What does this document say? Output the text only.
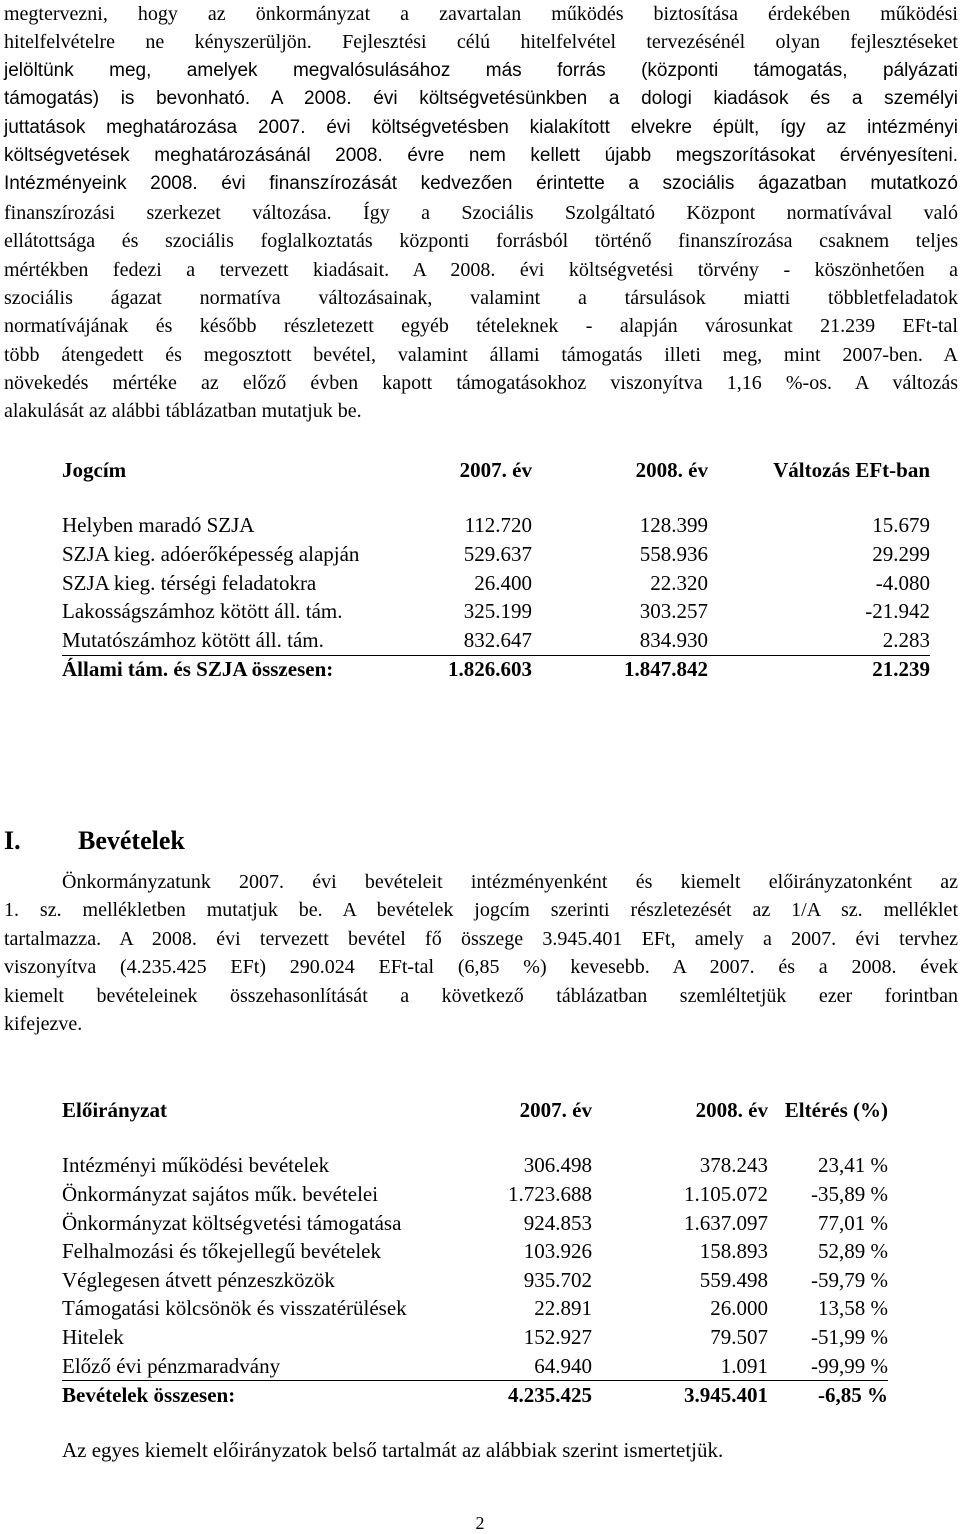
megtervezni, hogy az önkormányzat a zavartalan működés biztosítása érdekében működési
hitelfelvételre ne kényszerüljön. Fejlesztési célú hitelfelvétel tervezésénél olyan fejlesztéseket
jelöltünk meg, amelyek megvalósulásához más forrás (központi támogatás, pályázati
támogatás) is bevonható. A 2008. évi költségvetésünkben a dologi kiadások és a személyi
juttatások meghatározása 2007. évi költségvetésben kialakított elvekre épült, így az intézményi
költségvetések meghatározásánál 2008. évre nem kellett újabb megszorításokat érvényesíteni.
Intézményeink 2008. évi finanszírozását kedvezően érintette a szociális ágazatban mutatkozó
finanszírozási szerkezet változása. Így a Szociális Szolgáltató Központ normatívával való
ellátottsága és szociális foglalkoztatás központi forrásból történő finanszírozása csaknem teljes
mértékben fedezi a tervezett kiadásait. A 2008. évi költségvetési törvény - köszönhetően a
szociális ágazat normatíva változásainak, valamint a társulások miatti többletfeladatok
normatívájának és később részletezett egyéb tételeknek - alapján városunkat 21.239 EFt-tal
több átengedett és megosztott bevétel, valamint állami támogatás illeti meg, mint 2007-ben. A
növekedés mértéke az előző évben kapott támogatásokhoz viszonyítva 1,16 %-os. A változás
alakulását az alábbi táblázatban mutatjuk be.
Jogcím	2007. év	2008. év	Változás EFt-ban

Helyben maradó SZJA	112.720	128.399	15.679
SZJA kieg. adóerőképesség alapján	529.637	558.936	29.299
SZJA kieg. térségi feladatokra	26.400	22.320	-4.080
Lakosságszámhoz kötött áll. tám.	325.199	303.257	-21.942
Mutatószámhoz kötött áll. tám.	832.647	834.930	2.283
Állami tám. és SZJA összesen:	1.826.603	1.847.842	21.239
I. Bevételek
Önkormányzatunk 2007. évi bevételeit intézményenként és kiemelt előirányzatonként az
1. sz. mellékletben mutatjuk be. A bevételek jogcím szerinti részletezését az 1/A sz. melléklet
tartalmazza. A 2008. évi tervezett bevétel fő összege 3.945.401 EFt, amely a 2007. évi tervhez
viszonyítva (4.235.425 EFt) 290.024 EFt-tal (6,85 %) kevesebb. A 2007. és a 2008. évek
kiemelt bevételeinek összehasonlítását a következő táblázatban szemléltetjük ezer forintban
kifejezve.
Előirányzat	2007. év	2008. év	Eltérés (%)

Intézményi működési bevételek	306.498	378.243	23,41 %
Önkormányzat sajátos műk. bevételei	1.723.688	1.105.072	-35,89 %
Önkormányzat költségvetési támogatása	924.853	1.637.097	77,01 %
Felhalmozási és tőkejellegű bevételek	103.926	158.893	52,89 %
Véglegesen átvett pénzeszközök	935.702	559.498	-59,79 %
Támogatási kölcsönök és visszatérülések	22.891	26.000	13,58 %
Hitelek	152.927	79.507	-51,99 %
Előző évi pénzmaradvány	64.940	1.091	-99,99 %
Bevételek összesen:	4.235.425	3.945.401	-6,85 %
Az egyes kiemelt előirányzatok belső tartalmát az alábbiak szerint ismertetjük.
2
